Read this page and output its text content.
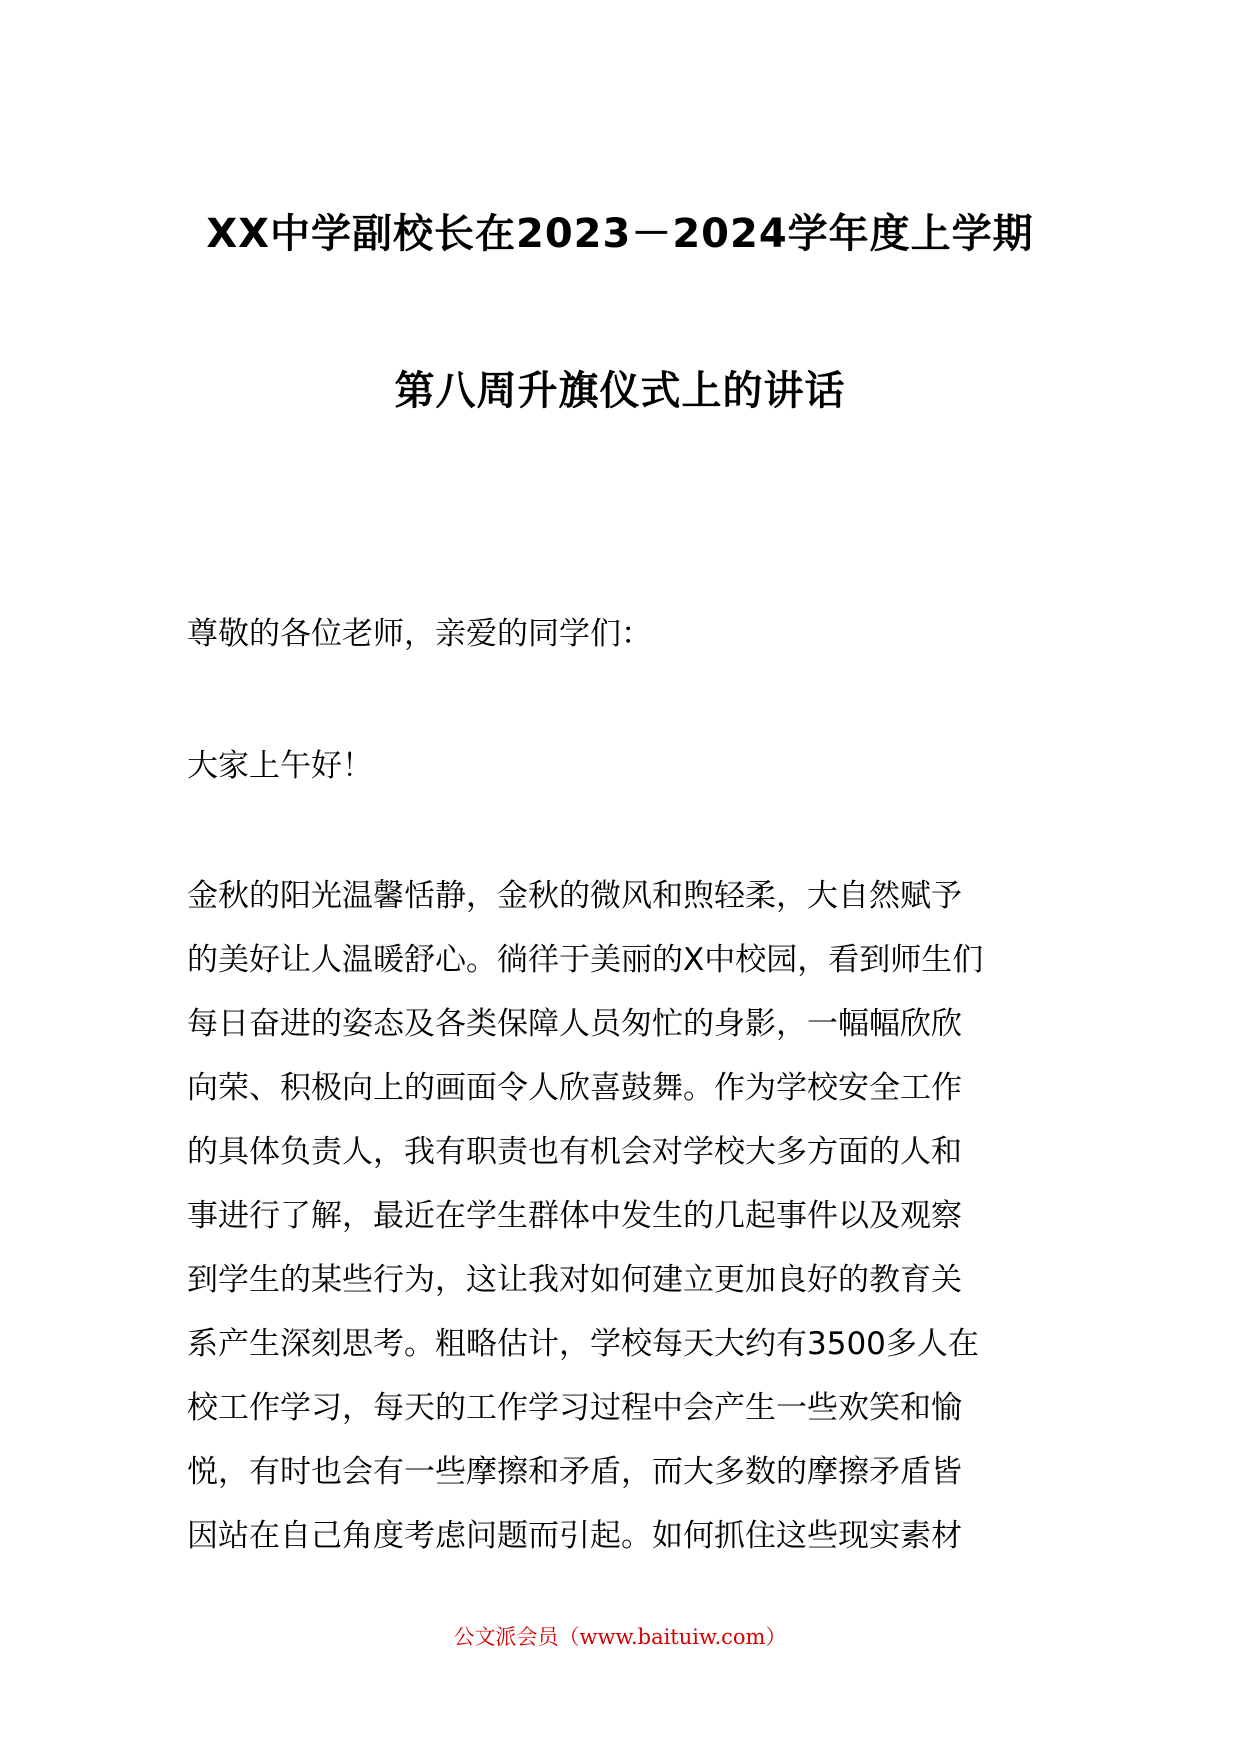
XX中学副校长在2023－2024学年度上学期
第八周升旗仪式上的讲话
尊敬的各位老师，亲爱的同学们：
大家上午好！
金秋的阳光温馨恬静，金秋的微风和煦轻柔，大自然赋予
的美好让人温暖舒心。徜徉于美丽的X中校园，看到师生们
每日奋进的姿态及各类保障人员匆忙的身影，一幅幅欣欣
向荣、积极向上的画面令人欣喜鼓舞。作为学校安全工作
的具体负责人，我有职责也有机会对学校大多方面的人和
事进行了解，最近在学生群体中发生的几起事件以及观察
到学生的某些行为，这让我对如何建立更加良好的教育关
系产生深刻思考。粗略估计，学校每天大约有3500多人在
校工作学习，每天的工作学习过程中会产生一些欢笑和愉
悦，有时也会有一些摩擦和矛盾，而大多数的摩擦矛盾皆
因站在自己角度考虑问题而引起。如何抓住这些现实素材
公文派会员（www.baituiw.com）
